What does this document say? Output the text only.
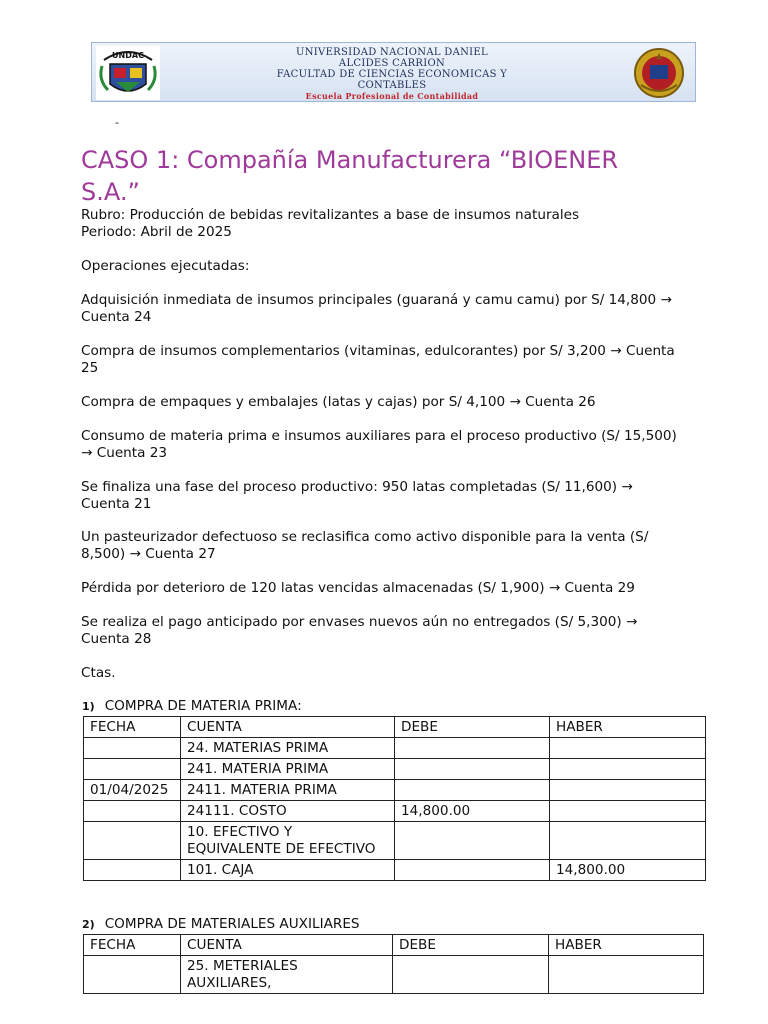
UNDAC	UNIVERSIDAD NACIONAL DANIEL
ALCIDES CARRION
FACULTAD DE CIENCIAS ECONOMICAS Y
CONTABLES
Escuela Profesional de Contabilidad
-
CASO 1: Compañía Manufacturera “BIOENER S.A.”

Rubro: Producción de bebidas revitalizantes a base de insumos naturales

Periodo: Abril de 2025

Operaciones ejecutadas:

Adquisición inmediata de insumos principales (guaraná y camu camu) por S/ 14,800 → Cuenta 24

Compra de insumos complementarios (vitaminas, edulcorantes) por S/ 3,200 → Cuenta 25

Compra de empaques y embalajes (latas y cajas) por S/ 4,100 → Cuenta 26

Consumo de materia prima e insumos auxiliares para el proceso productivo (S/ 15,500) → Cuenta 23

Se finaliza una fase del proceso productivo: 950 latas completadas (S/ 11,600) → Cuenta 21

Un pasteurizador defectuoso se reclasifica como activo disponible para la venta (S/ 8,500) → Cuenta 27

Pérdida por deterioro de 120 latas vencidas almacenadas (S/ 1,900) → Cuenta 29

Se realiza el pago anticipado por envases nuevos aún no entregados (S/ 5,300) → Cuenta 28

Ctas.

1) COMPRA DE MATERIA PRIMA:
FECHA	CUENTA	DEBE	HABER
	24. MATERIAS PRIMA		
	241. MATERIA PRIMA		
01/04/2025	2411. MATERIA PRIMA		
	24111. COSTO	14,800.00	
	10. EFECTIVO Y EQUIVALENTE DE EFECTIVO		
	101. CAJA		14,800.00
2) COMPRA DE MATERIALES AUXILIARES
FECHA	CUENTA	DEBE	HABER
	25. METERIALES AUXILIARES,		
